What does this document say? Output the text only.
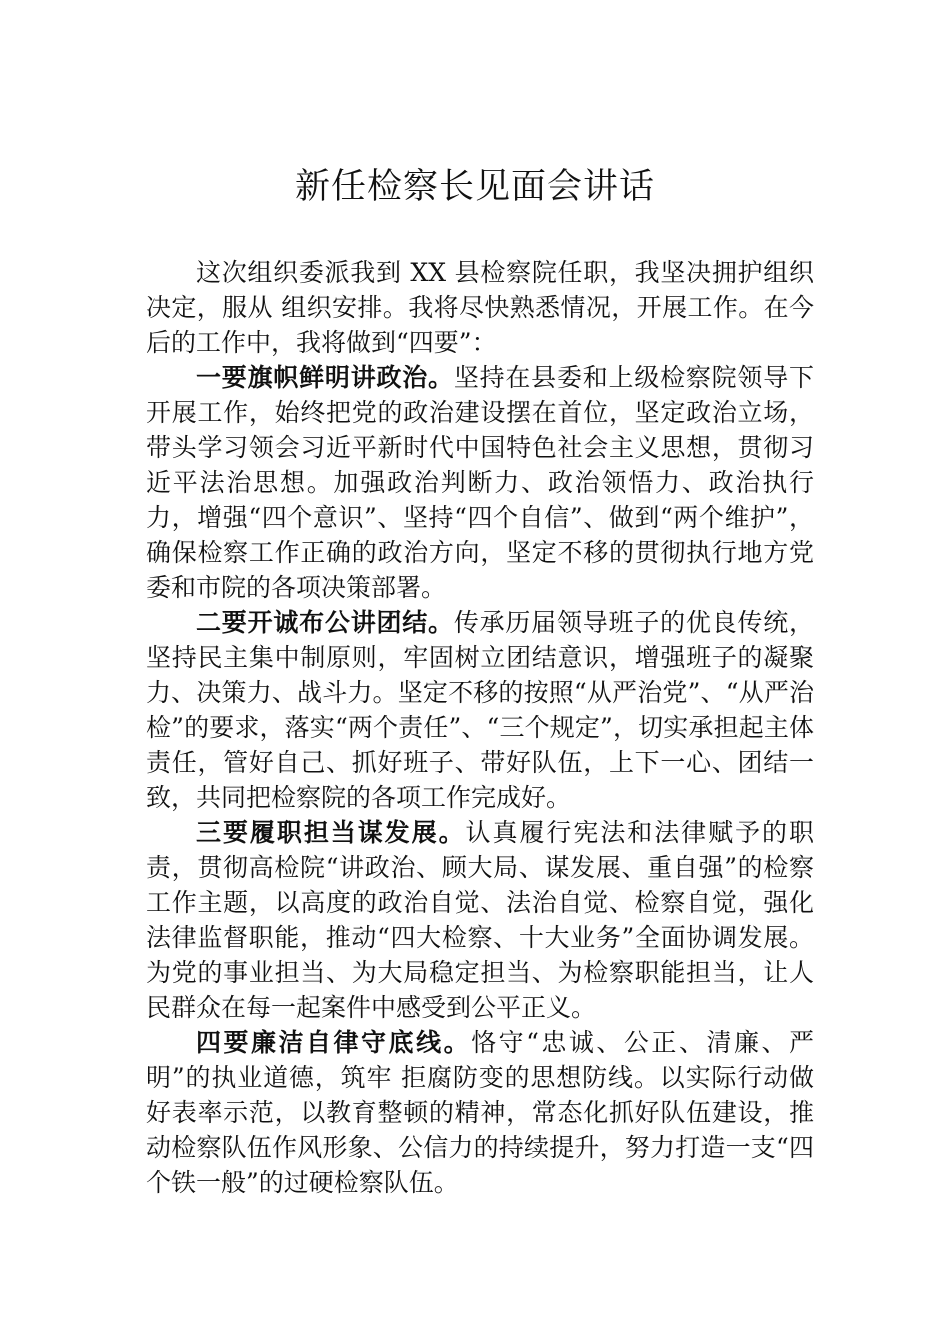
新任检察长见面会讲话

这次组织委派我到 XX 县检察院任职，我坚决拥护组织决定，服从 组织安排。我将尽快熟悉情况，开展工作。在今后的工作中，我将做到“四要”：

一要旗帜鲜明讲政治。坚持在县委和上级检察院领导下开展工作，始终把党的政治建设摆在首位，坚定政治立场，带头学习领会习近平新时代中国特色社会主义思想，贯彻习近平法治思想。加强政治判断力、政治领悟力、政治执行力，增强“四个意识”、坚持“四个自信”、做到“两个维护”，确保检察工作正确的政治方向，坚定不移的贯彻执行地方党委和市院的各项决策部署。

二要开诚布公讲团结。传承历届领导班子的优良传统，坚持民主集中制原则，牢固树立团结意识，增强班子的凝聚力、决策力、战斗力。坚定不移的按照“从严治党”、“从严治检”的要求，落实“两个责任”、“三个规定”，切实承担起主体责任，管好自己、抓好班子、带好队伍，上下一心、团结一致，共同把检察院的各项工作完成好。

三要履职担当谋发展。认真履行宪法和法律赋予的职责，贯彻高检院“讲政治、顾大局、谋发展、重自强”的检察工作主题，以高度的政治自觉、法治自觉、检察自觉，强化法律监督职能，推动“四大检察、十大业务”全面协调发展。为党的事业担当、为大局稳定担当、为检察职能担当，让人民群众在每一起案件中感受到公平正义。

四要廉洁自律守底线。恪守“忠诚、公正、清廉、严明”的执业道德，筑牢 拒腐防变的思想防线。以实际行动做好表率示范，以教育整顿的精神，常态化抓好队伍建设，推动检察队伍作风形象、公信力的持续提升，努力打造一支“四个铁一般”的过硬检察队伍。
